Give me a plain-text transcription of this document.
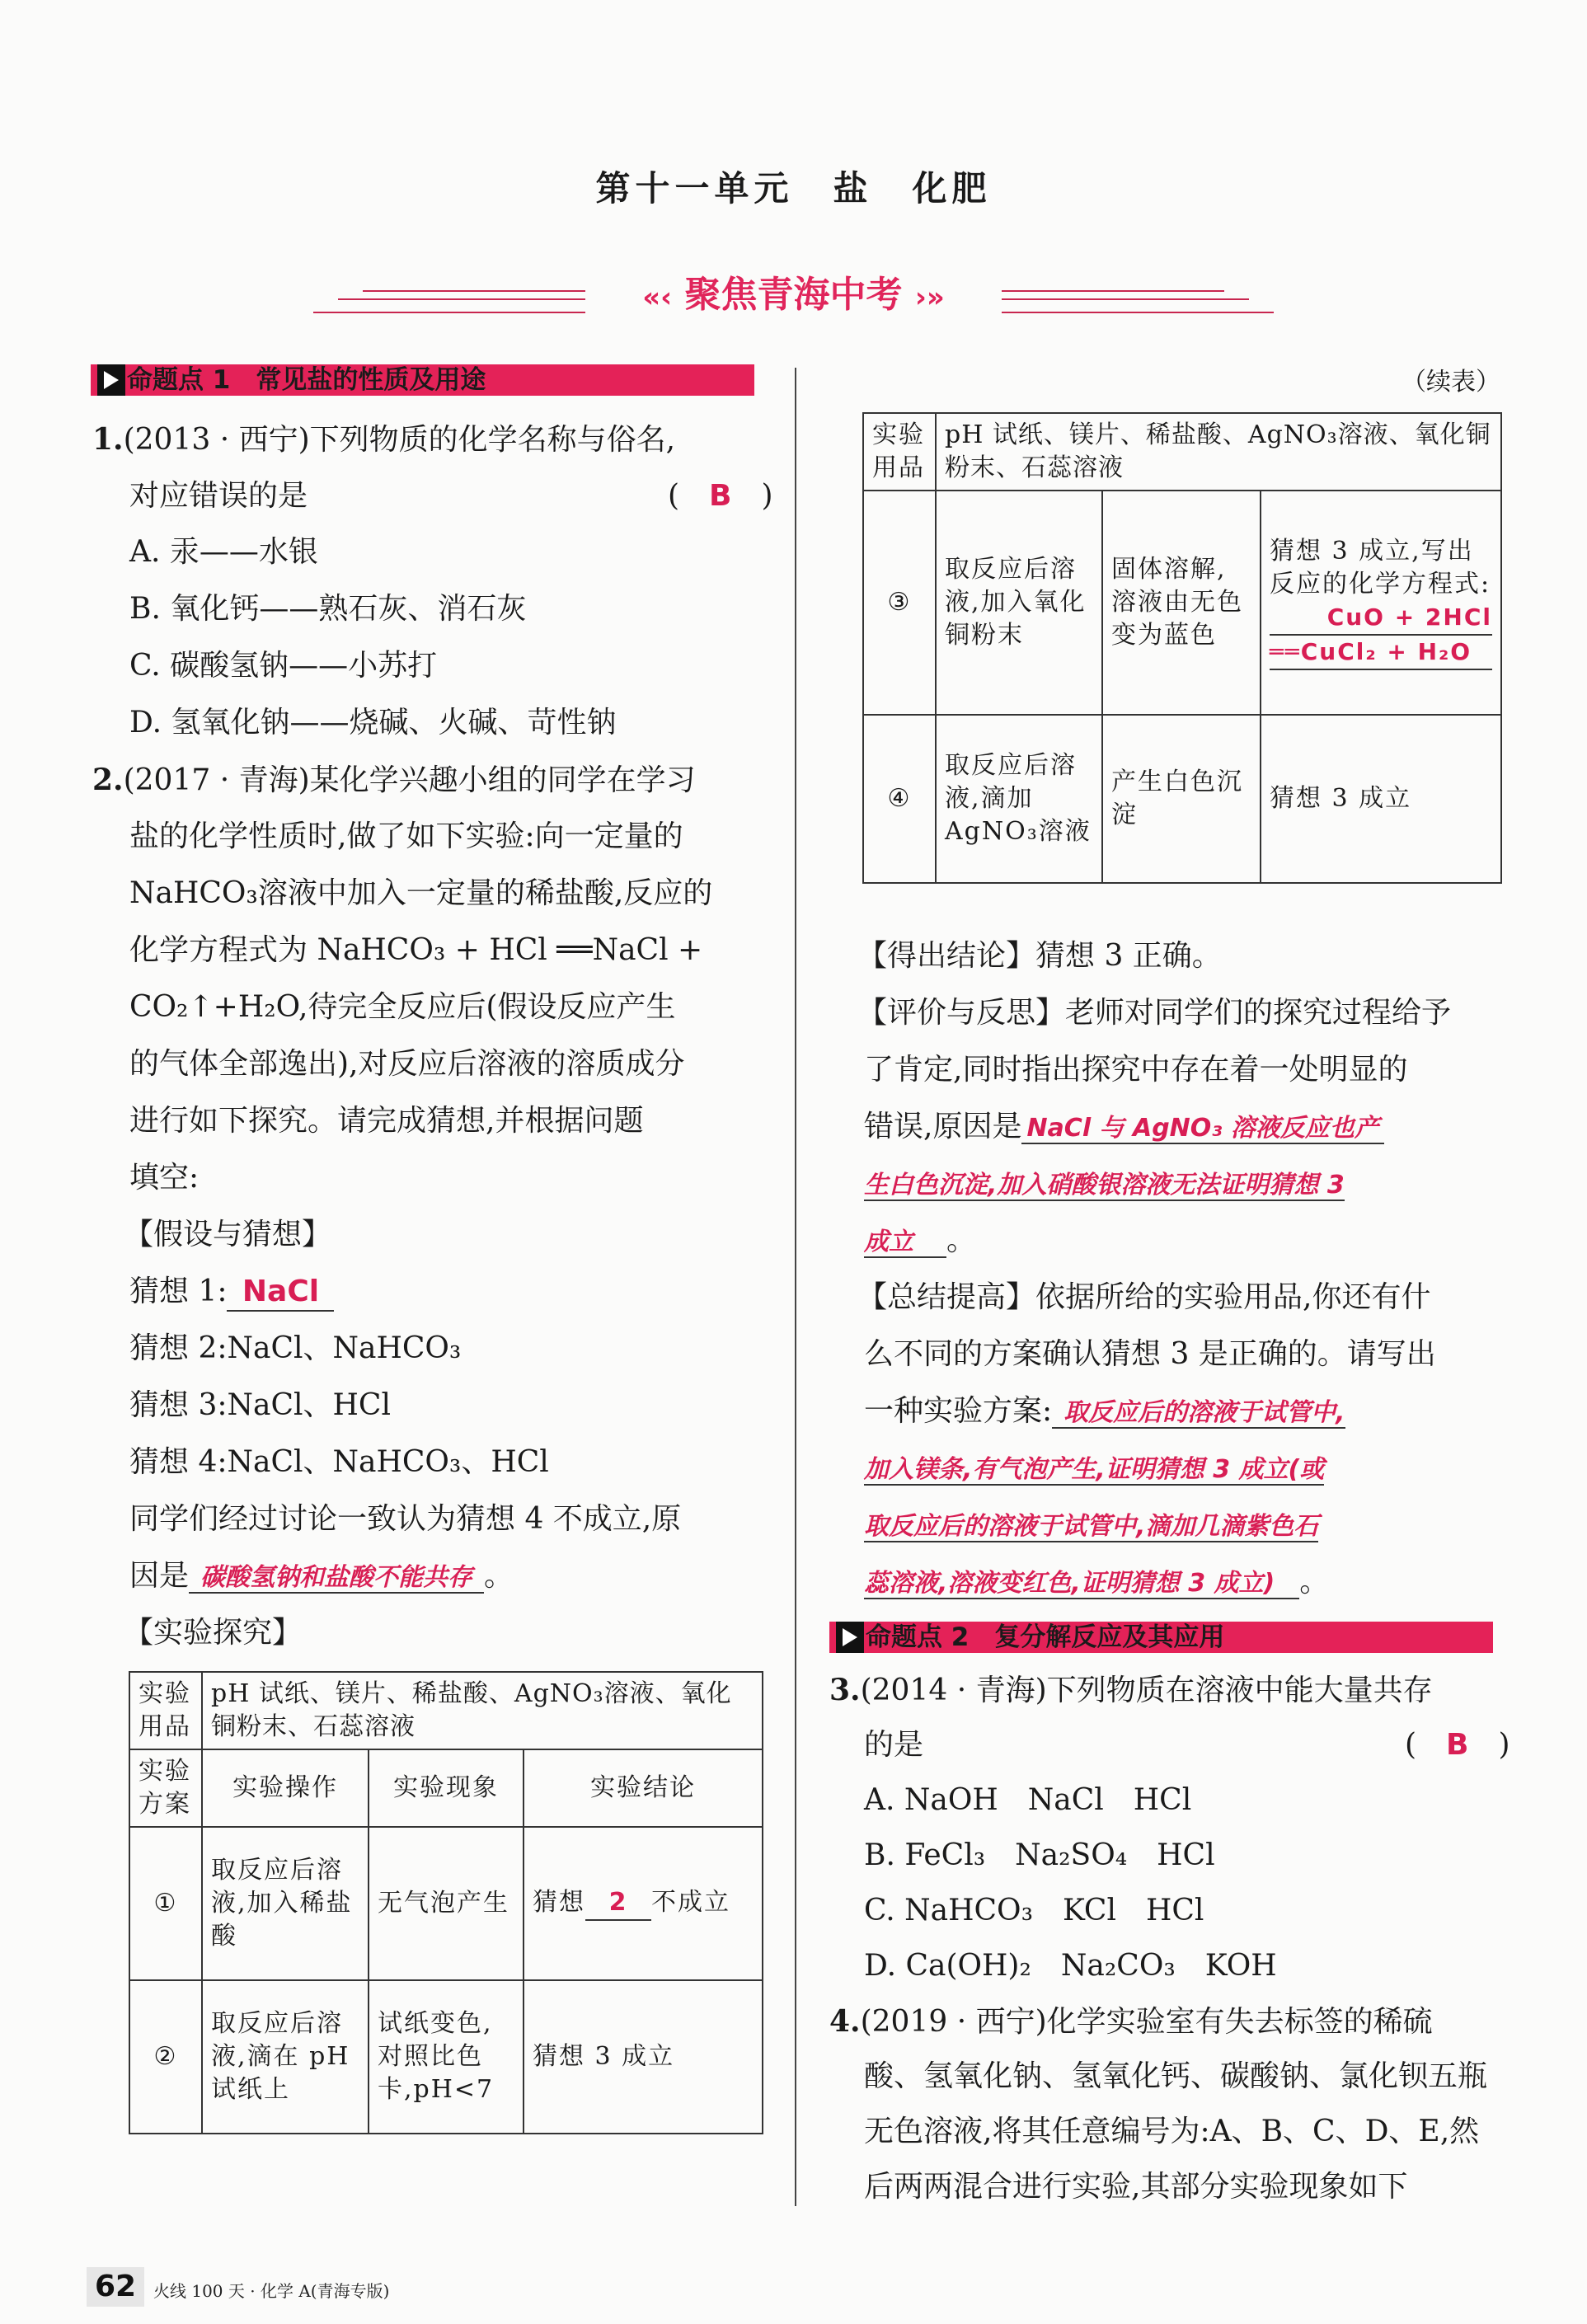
第十一单元　盐　化肥
«‹ 聚焦青海中考 ›»
命题点 1　常见盐的性质及用途
1.(2013 · 西宁)下列物质的化学名称与俗名,
对应错误的是	(　B　)
A. 汞——水银
B. 氧化钙——熟石灰、消石灰
C. 碳酸氢钠——小苏打
D. 氢氧化钠——烧碱、火碱、苛性钠
2.(2017 · 青海)某化学兴趣小组的同学在学习
盐的化学性质时,做了如下实验:向一定量的
NaHCO₃溶液中加入一定量的稀盐酸,反应的
化学方程式为 NaHCO₃ + HCl ══NaCl +
CO₂↑+H₂O,待完全反应后(假设反应产生
的气体全部逸出),对反应后溶液的溶质成分
进行如下探究。请完成猜想,并根据问题
填空:
【假设与猜想】
猜想 1: NaCl
猜想 2:NaCl、NaHCO₃
猜想 3:NaCl、HCl
猜想 4:NaCl、NaHCO₃、HCl
同学们经过讨论一致认为猜想 4 不成立,原
因是 碳酸氢钠和盐酸不能共存 。
【实验探究】
实验用品	pH 试纸、镁片、稀盐酸、AgNO₃溶液、氧化铜粉末、石蕊溶液		
实验方案	实验操作	实验现象	实验结论
①	取反应后溶液,加入稀盐酸	无气泡产生	猜想 2 不成立
②	取反应后溶液,滴在 pH 试纸上	试纸变色,对照比色卡,pH<7	猜想 3 成立
（续表）
实验用品	pH 试纸、镁片、稀盐酸、AgNO₃溶液、氧化铜粉末、石蕊溶液		
③	取反应后溶液,加入氧化铜粉末	固体溶解,溶液由无色变为蓝色	猜想 3 成立,写出反应的化学方程式:
CuO + 2HCl
══CuCl₂ + H₂O

④	取反应后溶液,滴加 AgNO₃溶液	产生白色沉淀	猜想 3 成立
【得出结论】猜想 3 正确。
【评价与反思】老师对同学们的探究过程给予
了肯定,同时指出探究中存在着一处明显的
错误,原因是 NaCl 与 AgNO₃ 溶液反应也产
生白色沉淀,加入硝酸银溶液无法证明猜想 3
成立 。
【总结提高】依据所给的实验用品,你还有什
么不同的方案确认猜想 3 是正确的。请写出
一种实验方案: 取反应后的溶液于试管中,
加入镁条,有气泡产生,证明猜想 3 成立(或
取反应后的溶液于试管中,滴加几滴紫色石
蕊溶液,溶液变红色,证明猜想 3 成立) 。
命题点 2　复分解反应及其应用
3.(2014 · 青海)下列物质在溶液中能大量共存
的是	(　B　)
A. NaOH　NaCl　HCl
B. FeCl₃　Na₂SO₄　HCl
C. NaHCO₃　KCl　HCl
D. Ca(OH)₂　Na₂CO₃　KOH
4.(2019 · 西宁)化学实验室有失去标签的稀硫
酸、氢氧化钠、氢氧化钙、碳酸钠、氯化钡五瓶
无色溶液,将其任意编号为:A、B、C、D、E,然
后两两混合进行实验,其部分实验现象如下
62	火线 100 天 · 化学 A(青海专版)
